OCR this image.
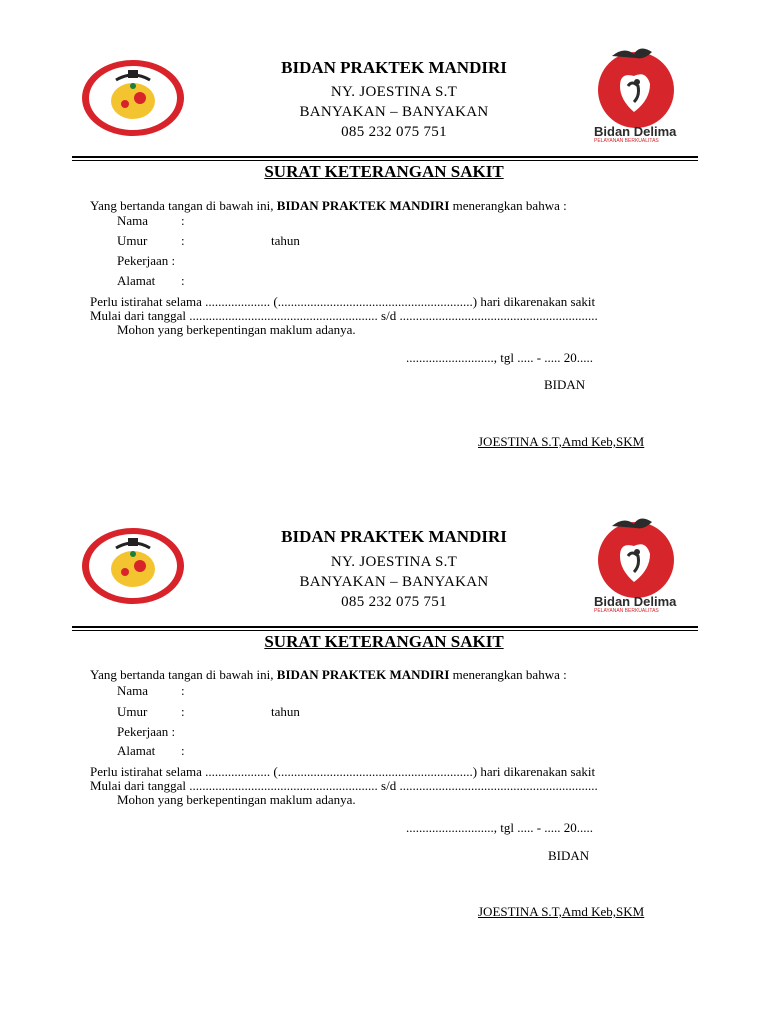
BIDAN PRAKTEK MANDIRI
NY. JOESTINA S.T
BANYAKAN – BANYAKAN
085 232 075 751	Bidan Delima
PELAYANAN BERKUALITAS
SURAT KETERANGAN SAKIT
Yang bertanda tangan di bawah ini, BIDAN PRAKTEK MANDIRI menerangkan bahwa :
Nama	:
Umur	:	tahun
Pekerjaan :
Alamat :
Perlu istirahat selama .................... (............................................................) hari dikarenakan sakit
Mulai dari tanggal .......................................................... s/d .............................................................
Mohon yang berkepentingan maklum adanya.
..........................., tgl ..... - ..... 20.....
BIDAN
JOESTINA S.T,Amd Keb,SKM
BIDAN PRAKTEK MANDIRI
NY. JOESTINA S.T
BANYAKAN – BANYAKAN
085 232 075 751	Bidan Delima
PELAYANAN BERKUALITAS
SURAT KETERANGAN SAKIT
Yang bertanda tangan di bawah ini, BIDAN PRAKTEK MANDIRI menerangkan bahwa :
Nama	:
Umur	:	tahun
Pekerjaan :
Alamat :
Perlu istirahat selama .................... (............................................................) hari dikarenakan sakit
Mulai dari tanggal .......................................................... s/d .............................................................
Mohon yang berkepentingan maklum adanya.
..........................., tgl ..... - ..... 20.....
BIDAN
JOESTINA S.T,Amd Keb,SKM
